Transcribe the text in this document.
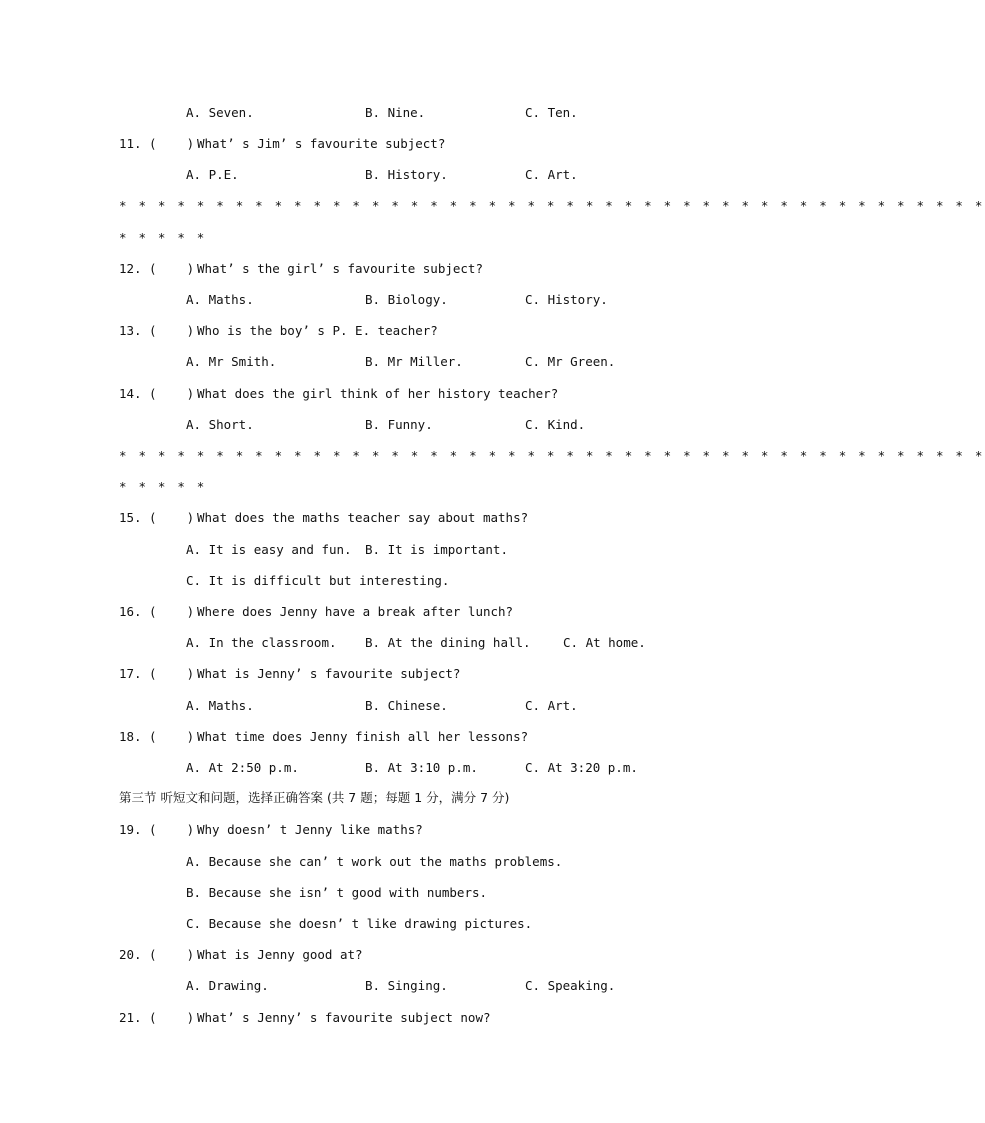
A. Seven.	B. Nine.	C. Ten.
11. (    ) What’ s Jim’ s favourite subject?
A. P.E.	B. History.	C. Art.
* * * * * * * * * * * * * * * * * * * * * * * * * * * * * * * * * * * * * * * * * * * * *
* * * * *
12. (    ) What’ s the girl’ s favourite subject?
A. Maths.	B. Biology.	C. History.
13. (    ) Who is the boy’ s P. E. teacher?
A. Mr Smith.	B. Mr Miller.	C. Mr Green.
14. (    ) What does the girl think of her history teacher?
A. Short.	B. Funny.	C. Kind.
* * * * * * * * * * * * * * * * * * * * * * * * * * * * * * * * * * * * * * * * * * * * *
* * * * *
15. (    ) What does the maths teacher say about maths?
A. It is easy and fun. B. It is important.
C. It is difficult but interesting.
16. (    ) Where does Jenny have a break after lunch?
A. In the classroom. B. At the dining hall.	C. At home.
17. (    ) What is Jenny’ s favourite subject?
A. Maths.	B. Chinese.	C. Art.
18. (    ) What time does Jenny finish all her lessons?
A. At 2:50 p.m.	B. At 3:10 p.m.	C. At 3:20 p.m.
第三节 听短文和问题，选择正确答案 (共 7 题；每题 1 分，满分 7 分)
19. (    ) Why doesn’ t Jenny like maths?
A. Because she can’ t work out the maths problems.
B. Because she isn’ t good with numbers.
C. Because she doesn’ t like drawing pictures.
20. (    ) What is Jenny good at?
A. Drawing.	B. Singing.	C. Speaking.
21. (    ) What’ s Jenny’ s favourite subject now?
